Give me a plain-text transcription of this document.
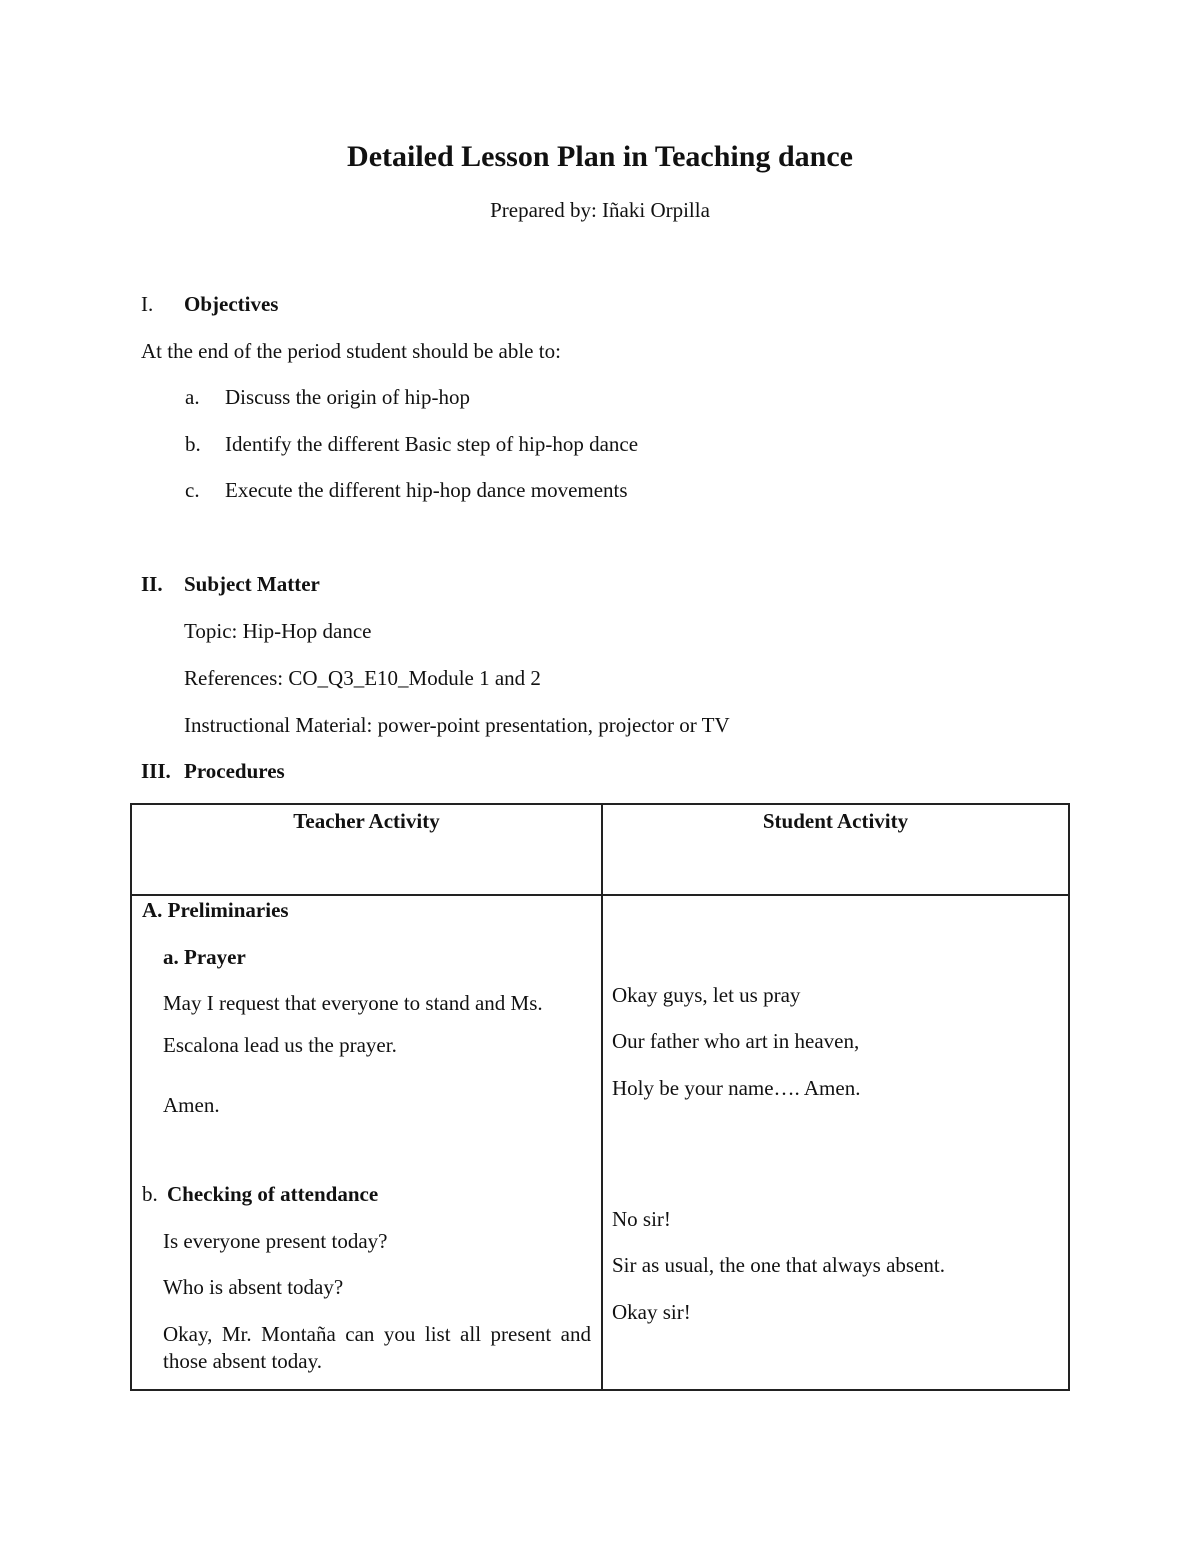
Detailed Lesson Plan in Teaching dance
Prepared by: Iñaki Orpilla
I. Objectives
At the end of the period student should be able to:
a. Discuss the origin of hip-hop
b. Identify the different Basic step of hip-hop dance
c. Execute the different hip-hop dance movements
II. Subject Matter
Topic: Hip-Hop dance
References: CO_Q3_E10_Module 1 and 2
Instructional Material: power-point presentation, projector or TV
III. Procedures
Teacher Activity	Student Activity
A. Preliminaries
a. Prayer
May I request that everyone to stand and Ms.
Escalona lead us the prayer.
Amen.
b. Checking of attendance
Is everyone present today?
Who is absent today?
Okay, Mr. Montaña can you list all present and those absent today.
Okay guys, let us pray
Our father who art in heaven,
Holy be your name…. Amen.
No sir!
Sir as usual, the one that always absent.
Okay sir!
